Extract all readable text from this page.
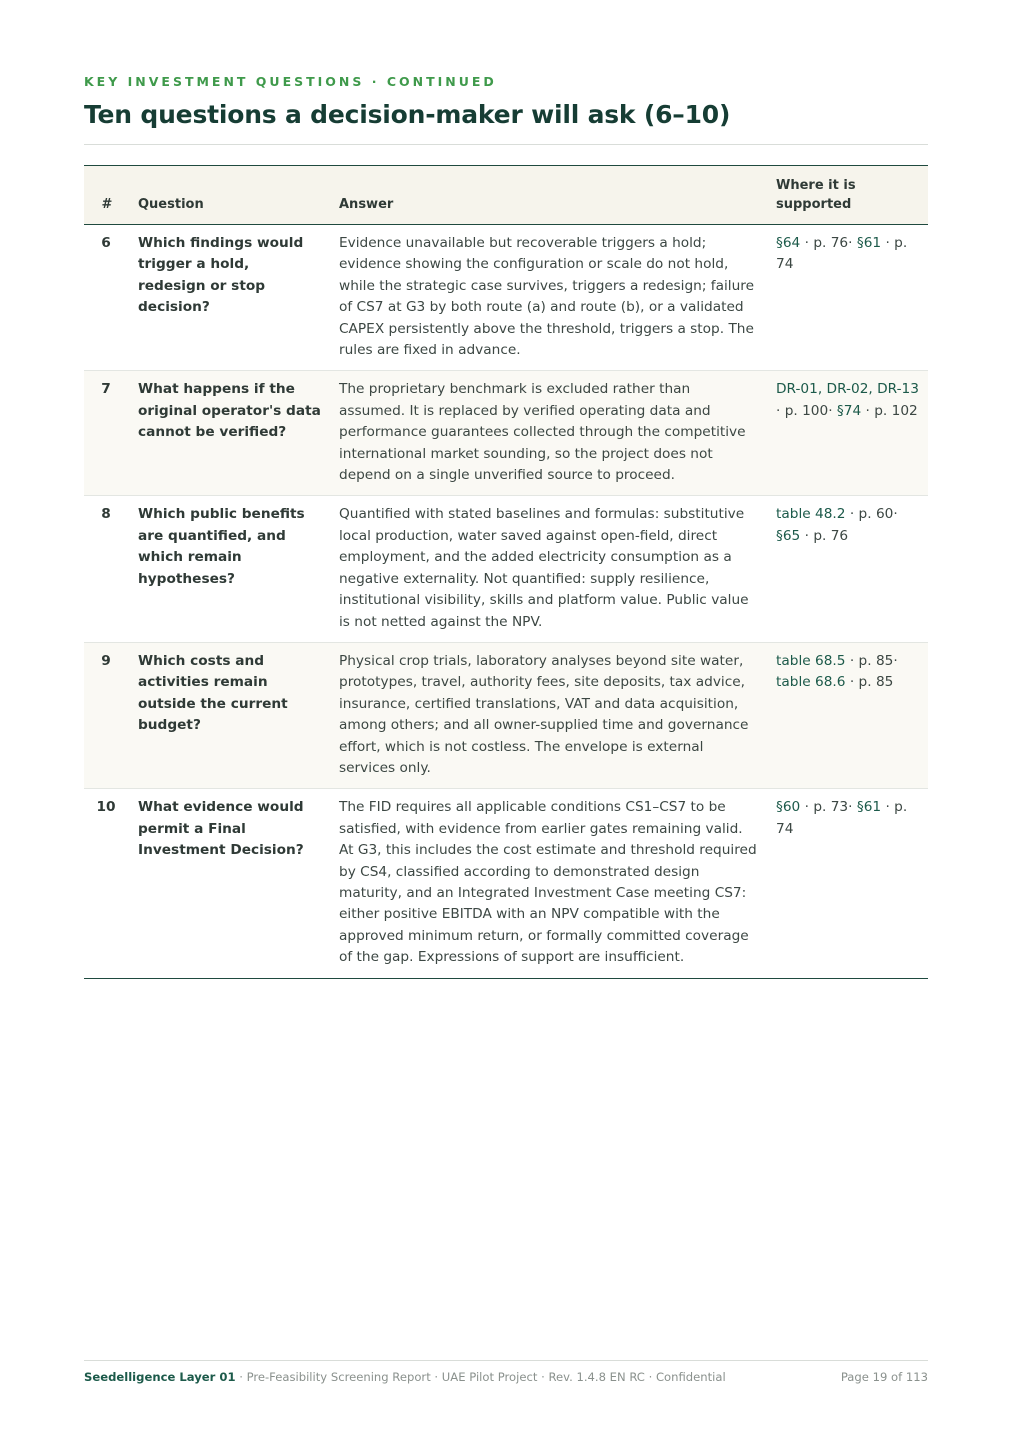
KEY INVESTMENT QUESTIONS · CONTINUED
Ten questions a decision-maker will ask (6–10)
#	Question	Answer	Where it is supported
6	Which findings would trigger a hold, redesign or stop decision?	Evidence unavailable but recoverable triggers a hold; evidence showing the configuration or scale do not hold, while the strategic case survives, triggers a redesign; failure of CS7 at G3 by both route (a) and route (b), or a validated CAPEX persistently above the threshold, triggers a stop. The rules are fixed in advance.	§64 · p. 76· §61 · p. 74
7	What happens if the original operator's data cannot be verified?	The proprietary benchmark is excluded rather than assumed. It is replaced by verified operating data and performance guarantees collected through the competitive international market sounding, so the project does not depend on a single unverified source to proceed.	DR-01, DR-02, DR-13 · p. 100· §74 · p. 102
8	Which public benefits are quantified, and which remain hypotheses?	Quantified with stated baselines and formulas: substitutive local production, water saved against open-field, direct employment, and the added electricity consumption as a negative externality. Not quantified: supply resilience, institutional visibility, skills and platform value. Public value is not netted against the NPV.	table 48.2 · p. 60· §65 · p. 76
9	Which costs and activities remain outside the current budget?	Physical crop trials, laboratory analyses beyond site water, prototypes, travel, authority fees, site deposits, tax advice, insurance, certified translations, VAT and data acquisition, among others; and all owner-supplied time and governance effort, which is not costless. The envelope is external services only.	table 68.5 · p. 85· table 68.6 · p. 85
10	What evidence would permit a Final Investment Decision?	The FID requires all applicable conditions CS1–CS7 to be satisfied, with evidence from earlier gates remaining valid. At G3, this includes the cost estimate and threshold required by CS4, classified according to demonstrated design maturity, and an Integrated Investment Case meeting CS7: either positive EBITDA with an NPV compatible with the approved minimum return, or formally committed coverage of the gap. Expressions of support are insufficient.	§60 · p. 73· §61 · p. 74
Seedelligence Layer 01 · Pre-Feasibility Screening Report · UAE Pilot Project · Rev. 1.4.8 EN RC · Confidential	Page 19 of 113
